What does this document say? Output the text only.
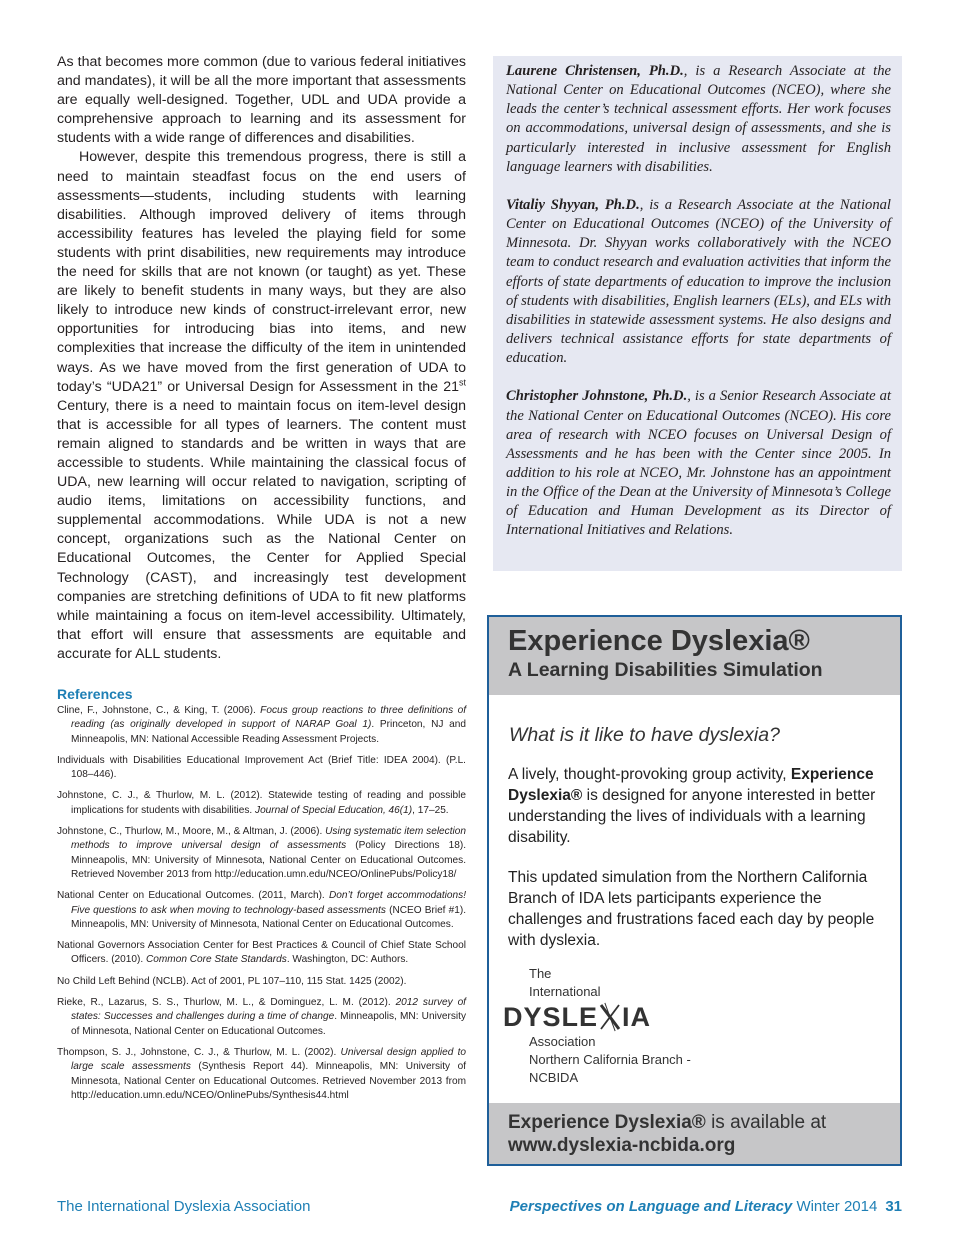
As that becomes more common (due to various federal initiatives and mandates), it will be all the more important that assessments are equally well-designed. Together, UDL and UDA provide a comprehensive approach to learning and its assessment for students with a wide range of differences and disabilities.

However, despite this tremendous progress, there is still a need to maintain steadfast focus on the end users of assessments—students, including students with learning disabilities. Although improved delivery of items through accessibility features has leveled the playing field for some students with print disabilities, new requirements may introduce the need for skills that are not known (or taught) as yet. These are likely to benefit students in many ways, but they are also likely to introduce new kinds of construct-irrelevant error, new opportunities for introducing bias into items, and new complexities that increase the difficulty of the item in unintended ways. As we have moved from the first generation of UDA to today’s “UDA21” or Universal Design for Assessment in the 21st Century, there is a need to maintain focus on item-level design that is accessible for all types of learners. The content must remain aligned to standards and be written in ways that are accessible to students. While maintaining the classical focus of UDA, new learning will occur related to navigation, scripting of audio items, limitations on accessibility functions, and supplemental accommodations. While UDA is not a new concept, organizations such as the National Center on Educational Outcomes, the Center for Applied Special Technology (CAST), and increasingly test development companies are stretching definitions of UDA to fit new platforms while maintaining a focus on item-level accessibility. Ultimately, that effort will ensure that assessments are equitable and accurate for ALL students.

References

Cline, F., Johnstone, C., & King, T. (2006). Focus group reactions to three definitions of reading (as originally developed in support of NARAP Goal 1). Princeton, NJ and Minneapolis, MN: National Accessible Reading Assessment Projects.

Individuals with Disabilities Educational Improvement Act (Brief Title: IDEA 2004). (P.L. 108–446).

Johnstone, C. J., & Thurlow, M. L. (2012). Statewide testing of reading and possible implications for students with disabilities. Journal of Special Education, 46(1), 17–25.

Johnstone, C., Thurlow, M., Moore, M., & Altman, J. (2006). Using systematic item selection methods to improve universal design of assessments (Policy Directions 18). Minneapolis, MN: University of Minnesota, National Center on Educational Outcomes. Retrieved November 2013 from http://education.umn.edu/NCEO/OnlinePubs/Policy18/

National Center on Educational Outcomes. (2011, March). Don’t forget accommodations! Five questions to ask when moving to technology-based assessments (NCEO Brief #1). Minneapolis, MN: University of Minnesota, National Center on Educational Outcomes.

National Governors Association Center for Best Practices & Council of Chief State School Officers. (2010). Common Core State Standards. Washington, DC: Authors.

No Child Left Behind (NCLB). Act of 2001, PL 107–110, 115 Stat. 1425 (2002).

Rieke, R., Lazarus, S. S., Thurlow, M. L., & Dominguez, L. M. (2012). 2012 survey of states: Successes and challenges during a time of change. Minneapolis, MN: University of Minnesota, National Center on Educational Outcomes.

Thompson, S. J., Johnstone, C. J., & Thurlow, M. L. (2002). Universal design applied to large scale assessments (Synthesis Report 44). Minneapolis, MN: University of Minnesota, National Center on Educational Outcomes. Retrieved November 2013 from http://education.umn.edu/NCEO/OnlinePubs/Synthesis44.html

Laurene Christensen, Ph.D., is a Research Associate at the National Center on Educational Outcomes (NCEO), where she leads the center’s technical assessment efforts. Her work focuses on accommodations, universal design of assessments, and she is particularly interested in inclusive assessment for English language learners with disabilities.

Vitaliy Shyyan, Ph.D., is a Research Associate at the National Center on Educational Outcomes (NCEO) of the University of Minnesota. Dr. Shyyan works collaboratively with the NCEO team to conduct research and evaluation activities that inform the efforts of state departments of education to improve the inclusion of students with disabilities, English learners (ELs), and ELs with disabilities in statewide assessment systems. He also designs and delivers technical assistance efforts for state departments of education.

Christopher Johnstone, Ph.D., is a Senior Research Associate at the National Center on Educational Outcomes (NCEO). His core area of research with NCEO focuses on Universal Design of Assessments and he has been with the Center since 2005. In addition to his role at NCEO, Mr. Johnstone has an appointment in the Office of the Dean at the University of Minnesota’s College of Education and Human Development as its Director of International Initiatives and Relations.

Experience Dyslexia®
A Learning Disabilities Simulation
What is it like to have dyslexia?

A lively, thought-provoking group activity, Experience Dyslexia® is designed for anyone interested in better understanding the lives of individuals with a learning disability.

This updated simulation from the Northern California Branch of IDA lets participants experience the challenges and frustrations faced each day by people with dyslexia.

The
International
DYSLE IA
Association
Northern California Branch - NCBIDA
Experience Dyslexia® is available at
www.dyslexia-ncbida.org
The International Dyslexia Association	Perspectives on Language and Literacy Winter 2014 31
